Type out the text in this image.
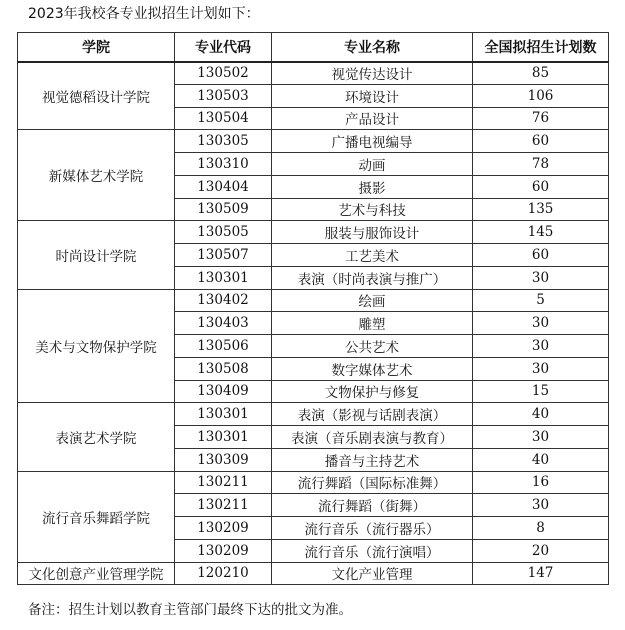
2023年我校各专业拟招生计划如下：
学院	专业代码	专业名称	全国拟招生计划数
视觉德稻设计学院	130502	视觉传达设计	85
	130503	环境设计	106
	130504	产品设计	76
新媒体艺术学院	130305	广播电视编导	60
	130310	动画	78
	130404	摄影	60
	130509	艺术与科技	135
时尚设计学院	130505	服装与服饰设计	145
	130507	工艺美术	60
	130301	表演（时尚表演与推广）	30
美术与文物保护学院	130402	绘画	5
	130403	雕塑	30
	130506	公共艺术	30
	130508	数字媒体艺术	30
	130409	文物保护与修复	15
表演艺术学院	130301	表演（影视与话剧表演）	40
	130301	表演（音乐剧表演与教育）	30
	130309	播音与主持艺术	40
流行音乐舞蹈学院	130211	流行舞蹈（国际标准舞）	16
	130211	流行舞蹈（街舞）	30
	130209	流行音乐（流行器乐）	8
	130209	流行音乐（流行演唱）	20
文化创意产业管理学院	120210	文化产业管理	147
备注：招生计划以教育主管部门最终下达的批文为准。
